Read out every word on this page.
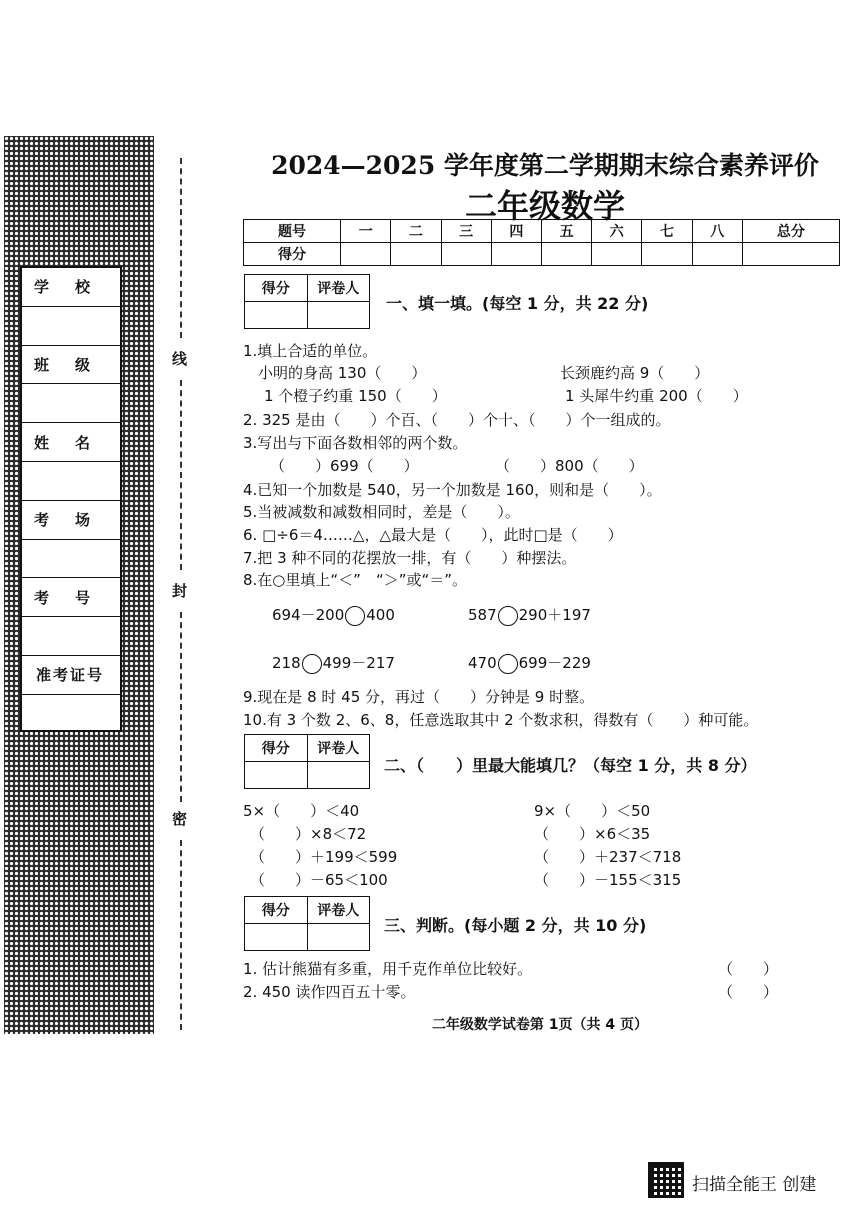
学校
班级
姓名
考场
考号
准考证号
线
封
密
2024—2025 学年度第二学期期末综合素养评价
二年级数学
题号	一	二	三	四	五	六	七	八	总分
得分									
得分	评卷人

一、填一填。(每空 1 分，共 22 分)
1.填上合适的单位。
小明的身高 130（　　）	长颈鹿约高 9（　　）
1 个橙子约重 150（　　）	1 头犀牛约重 200（　　）
2. 325 是由（　　）个百、（　　）个十、（　　）个一组成的。
3.写出与下面各数相邻的两个数。
（　　）699（　　）	（　　）800（　　）
4.已知一个加数是 540，另一个加数是 160，则和是（　　）。
5.当被减数和减数相同时，差是（　　）。
6. □÷6＝4……△，△最大是（　　），此时□是（　　）
7.把 3 种不同的花摆放一排，有（　　）种摆法。
8.在○里填上“＜”　“＞”或“＝”。
694－200 400	587 290＋197
218 499－217	470 699－229
9.现在是 8 时 45 分，再过（　　）分钟是 9 时整。
10.有 3 个数 2、6、8，任意选取其中 2 个数求积，得数有（　　）种可能。
得分	评卷人

二、（　　）里最大能填几？（每空 1 分，共 8 分）
5×（　　）＜40	9×（　　）＜50
（　　）×8＜72	（　　）×6＜35
（　　）＋199＜599	（　　）＋237＜718
（　　）－65＜100	（　　）－155＜315
得分	评卷人

三、判断。(每小题 2 分，共 10 分)
1. 估计熊猫有多重，用千克作单位比较好。	（　　）
2. 450 读作四百五十零。	（　　）
二年级数学试卷第 1页（共 4 页）
扫描全能王 创建
